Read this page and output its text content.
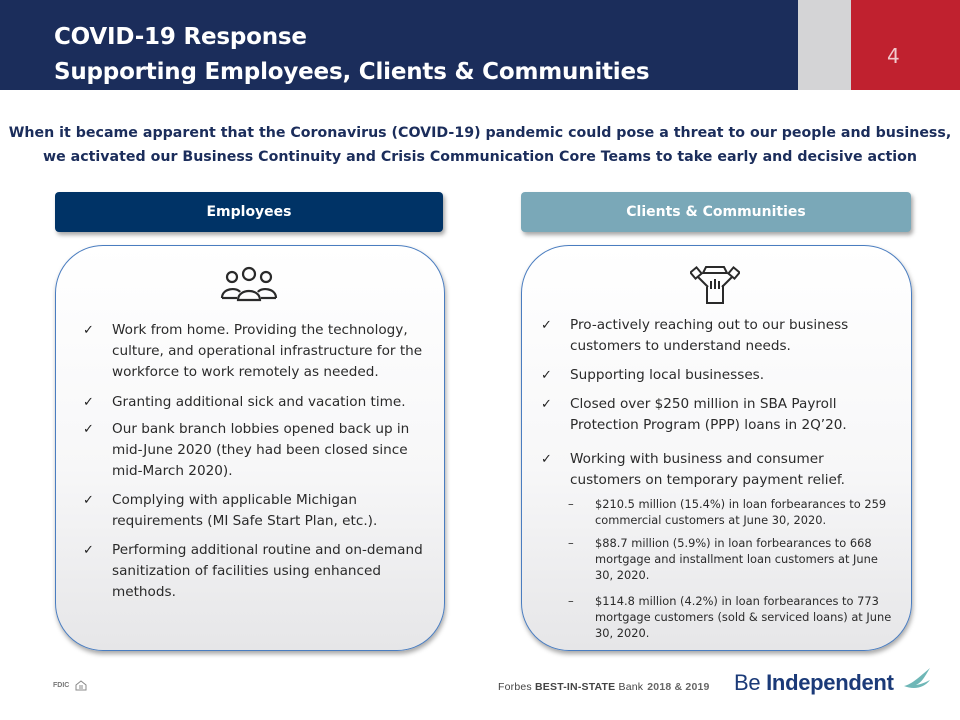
COVID-19 Response
Supporting Employees, Clients & Communities
4
When it became apparent that the Coronavirus (COVID-19) pandemic could pose a threat to our people and business,
we activated our Business Continuity and Crisis Communication Core Teams to take early and decisive action
Employees	Clients & Communities
✓ Work from home. Providing the technology, culture, and operational infrastructure for the workforce to work remotely as needed.
✓ Granting additional sick and vacation time.
✓ Our bank branch lobbies opened back up in mid-June 2020 (they had been closed since mid-March 2020).
✓ Complying with applicable Michigan requirements (MI Safe Start Plan, etc.).
✓ Performing additional routine and on-demand sanitization of facilities using enhanced methods.
✓ Pro-actively reaching out to our business customers to understand needs.
✓ Supporting local businesses.
✓ Closed over $250 million in SBA Payroll Protection Program (PPP) loans in 2Q’20.
✓ Working with business and consumer customers on temporary payment relief.
– $210.5 million (15.4%) in loan forbearances to 259 commercial customers at June 30, 2020.
– $88.7 million (5.9%) in loan forbearances to 668 mortgage and installment loan customers at June 30, 2020.
– $114.8 million (4.2%) in loan forbearances to 773 mortgage customers (sold & serviced loans) at June 30, 2020.
FDIC	Forbes BEST-IN-STATE Bank 2018 & 2019 Be Independent
